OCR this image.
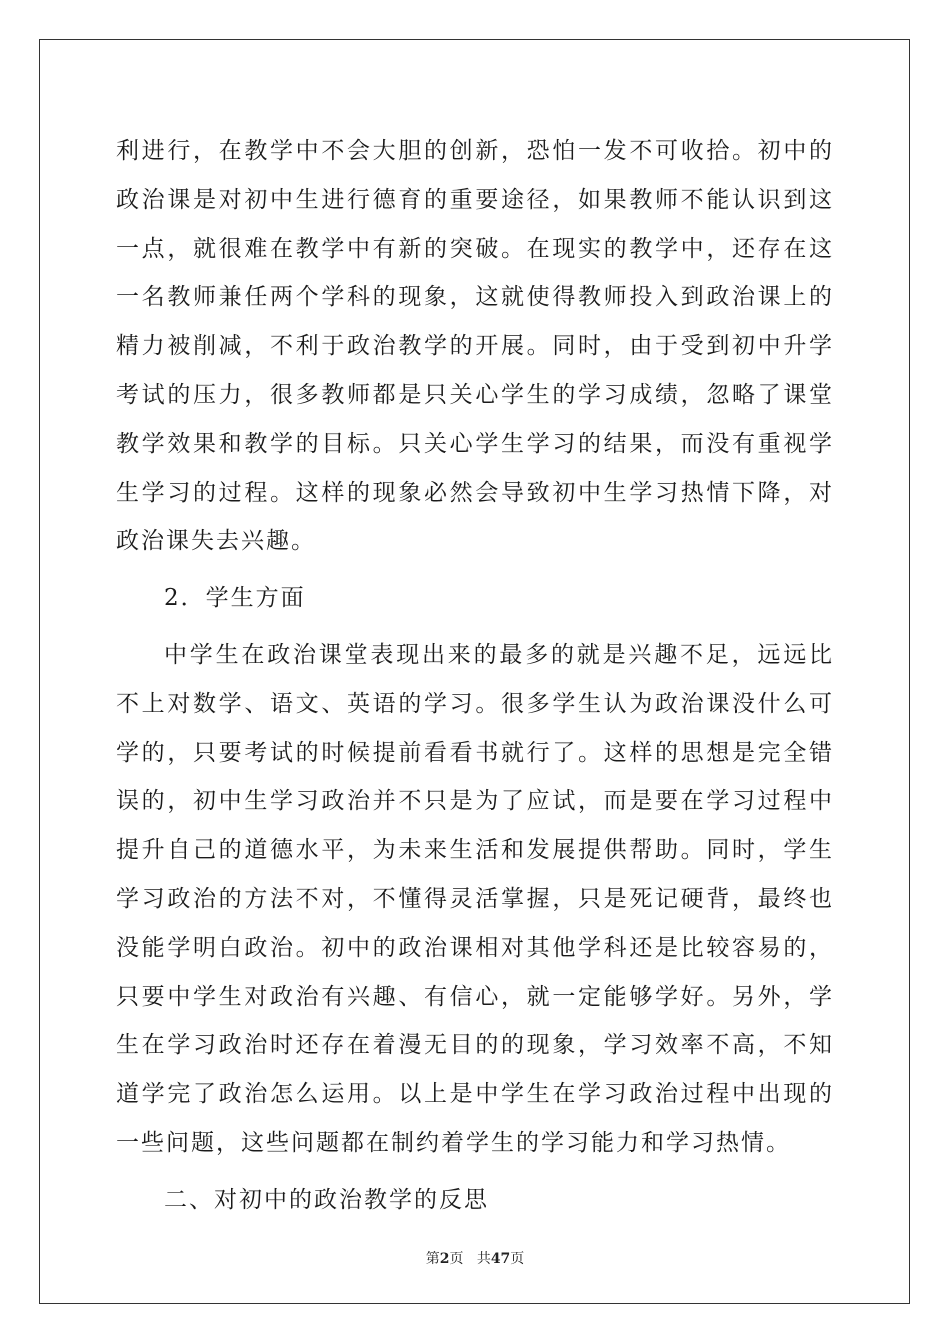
利进行，在教学中不会大胆的创新，恐怕一发不可收拾。初中的政治课是对初中生进行德育的重要途径，如果教师不能认识到这一点，就很难在教学中有新的突破。在现实的教学中，还存在这一名教师兼任两个学科的现象，这就使得教师投入到政治课上的精力被削减，不利于政治教学的开展。同时，由于受到初中升学考试的压力，很多教师都是只关心学生的学习成绩，忽略了课堂教学效果和教学的目标。只关心学生学习的结果，而没有重视学生学习的过程。这样的现象必然会导致初中生学习热情下降，对政治课失去兴趣。

2．学生方面

中学生在政治课堂表现出来的最多的就是兴趣不足，远远比不上对数学、语文、英语的学习。很多学生认为政治课没什么可学的，只要考试的时候提前看看书就行了。这样的思想是完全错误的，初中生学习政治并不只是为了应试，而是要在学习过程中提升自己的道德水平，为未来生活和发展提供帮助。同时，学生学习政治的方法不对，不懂得灵活掌握，只是死记硬背，最终也没能学明白政治。初中的政治课相对其他学科还是比较容易的，只要中学生对政治有兴趣、有信心，就一定能够学好。另外，学生在学习政治时还存在着漫无目的的现象，学习效率不高，不知道学完了政治怎么运用。以上是中学生在学习政治过程中出现的一些问题，这些问题都在制约着学生的学习能力和学习热情。

二、对初中的政治教学的反思

第2页 共47页
